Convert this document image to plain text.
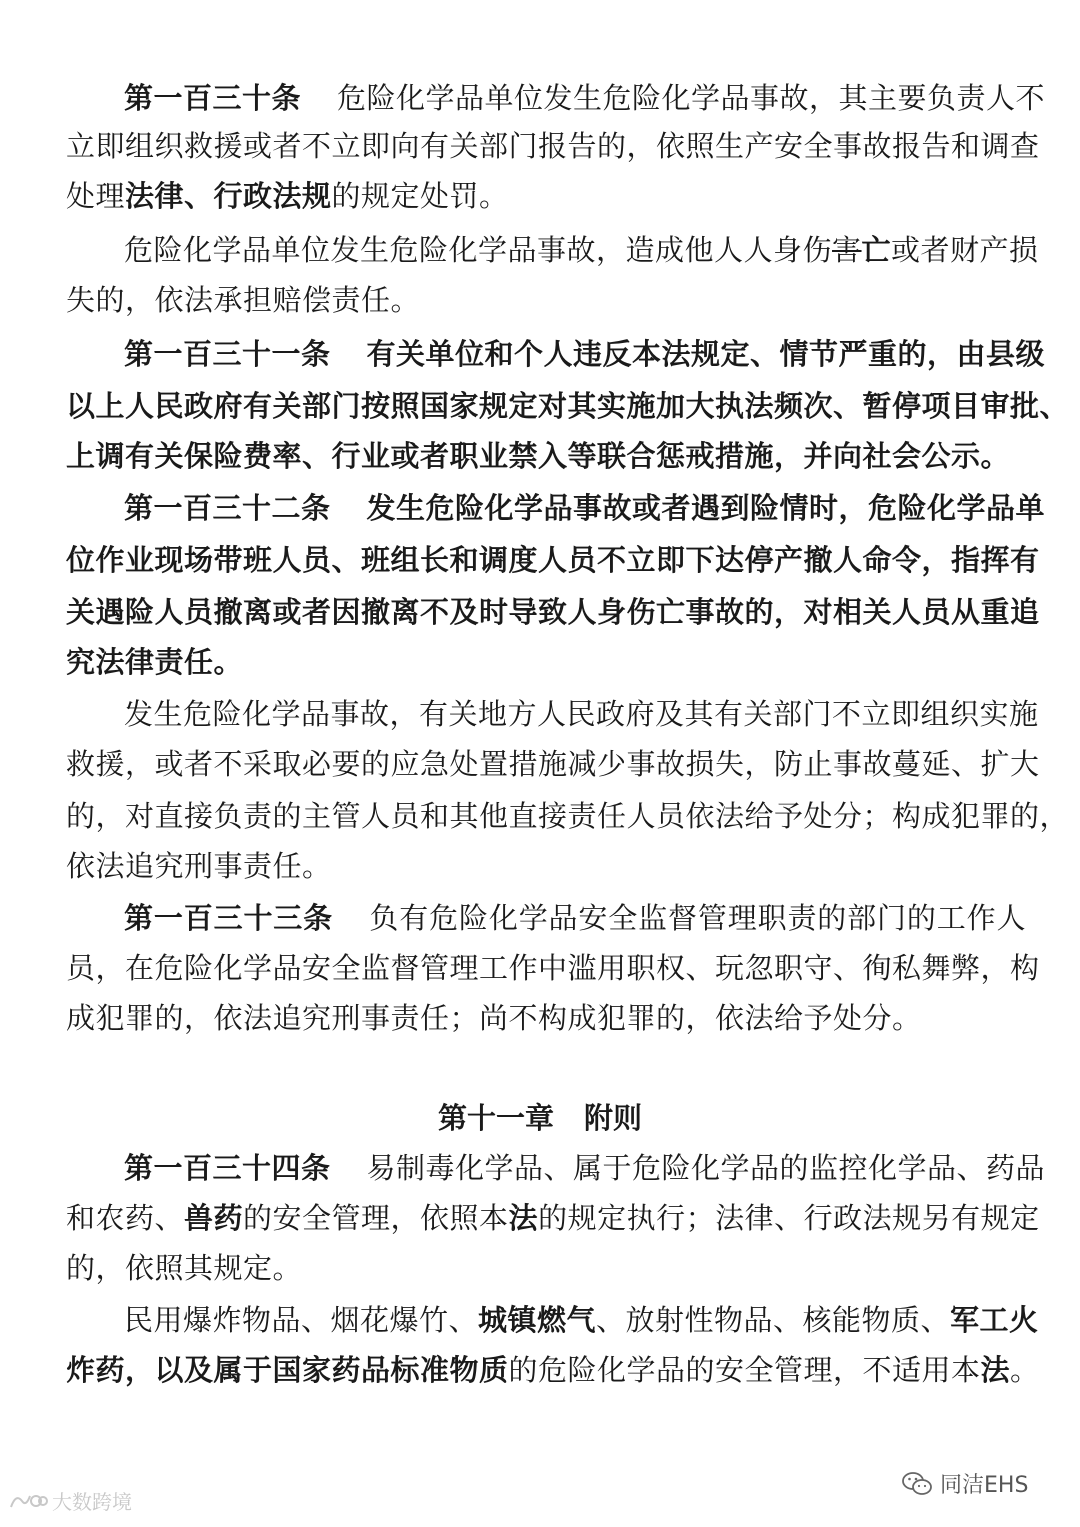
第一百三十条 危险化学品单位发生危险化学品事故，其主要负责人不
立即组织救援或者不立即向有关部门报告的，依照生产安全事故报告和调查
处理法律、行政法规的规定处罚。
危险化学品单位发生危险化学品事故，造成他人人身伤害亡或者财产损
失的，依法承担赔偿责任。
第一百三十一条 有关单位和个人违反本法规定、情节严重的，由县级
以上人民政府有关部门按照国家规定对其实施加大执法频次、暂停项目审批、
上调有关保险费率、行业或者职业禁入等联合惩戒措施，并向社会公示。
第一百三十二条 发生危险化学品事故或者遇到险情时，危险化学品单
位作业现场带班人员、班组长和调度人员不立即下达停产撤人命令，指挥有
关遇险人员撤离或者因撤离不及时导致人身伤亡事故的，对相关人员从重追
究法律责任。
发生危险化学品事故，有关地方人民政府及其有关部门不立即组织实施
救援，或者不采取必要的应急处置措施减少事故损失，防止事故蔓延、扩大
的，对直接负责的主管人员和其他直接责任人员依法给予处分；构成犯罪的，
依法追究刑事责任。
第一百三十三条 负有危险化学品安全监督管理职责的部门的工作人
员，在危险化学品安全监督管理工作中滥用职权、玩忽职守、徇私舞弊，构
成犯罪的，依法追究刑事责任；尚不构成犯罪的，依法给予处分。
第十一章 附则
第一百三十四条 易制毒化学品、属于危险化学品的监控化学品、药品
和农药、兽药的安全管理，依照本法的规定执行；法律、行政法规另有规定
的，依照其规定。
民用爆炸物品、烟花爆竹、城镇燃气、放射性物品、核能物质、军工火
炸药，以及属于国家药品标准物质的危险化学品的安全管理，不适用本法。
同洁EHS
大数跨境
